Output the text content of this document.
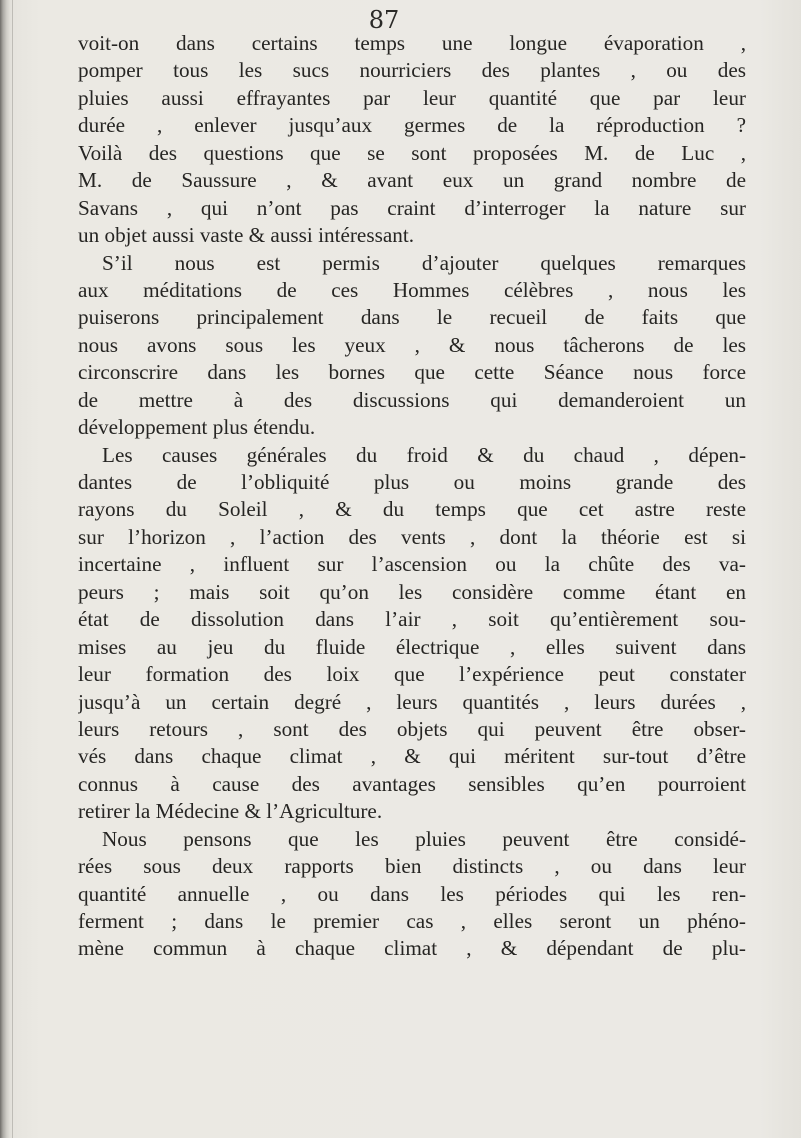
87

voit-on dans certains temps une longue évaporation ,
pomper tous les sucs nourriciers des plantes , ou des
pluies aussi effrayantes par leur quantité que par leur
durée , enlever jusqu’aux germes de la réproduction ?
Voilà des questions que se sont proposées M. de Luc ,
M. de Saussure , & avant eux un grand nombre de
Savans , qui n’ont pas craint d’interroger la nature sur
un objet aussi vaste & aussi intéressant.
S’il nous est permis d’ajouter quelques remarques
aux méditations de ces Hommes célèbres , nous les
puiserons principalement dans le recueil de faits que
nous avons sous les yeux , & nous tâcherons de les
circonscrire dans les bornes que cette Séance nous force
de mettre à des discussions qui demanderoient un
développement plus étendu.
Les causes générales du froid & du chaud , dépen-
dantes de l’obliquité plus ou moins grande des
rayons du Soleil , & du temps que cet astre reste
sur l’horizon , l’action des vents , dont la théorie est si
incertaine , influent sur l’ascension ou la chûte des va-
peurs ; mais soit qu’on les considère comme étant en
état de dissolution dans l’air , soit qu’entièrement sou-
mises au jeu du fluide électrique , elles suivent dans
leur formation des loix que l’expérience peut constater
jusqu’à un certain degré , leurs quantités , leurs durées ,
leurs retours , sont des objets qui peuvent être obser-
vés dans chaque climat , & qui méritent sur-tout d’être
connus à cause des avantages sensibles qu’en pourroient
retirer la Médecine & l’Agriculture.
Nous pensons que les pluies peuvent être considé-
rées sous deux rapports bien distincts , ou dans leur
quantité annuelle , ou dans les périodes qui les ren-
ferment ; dans le premier cas , elles seront un phéno-
mène commun à chaque climat , & dépendant de plu-
